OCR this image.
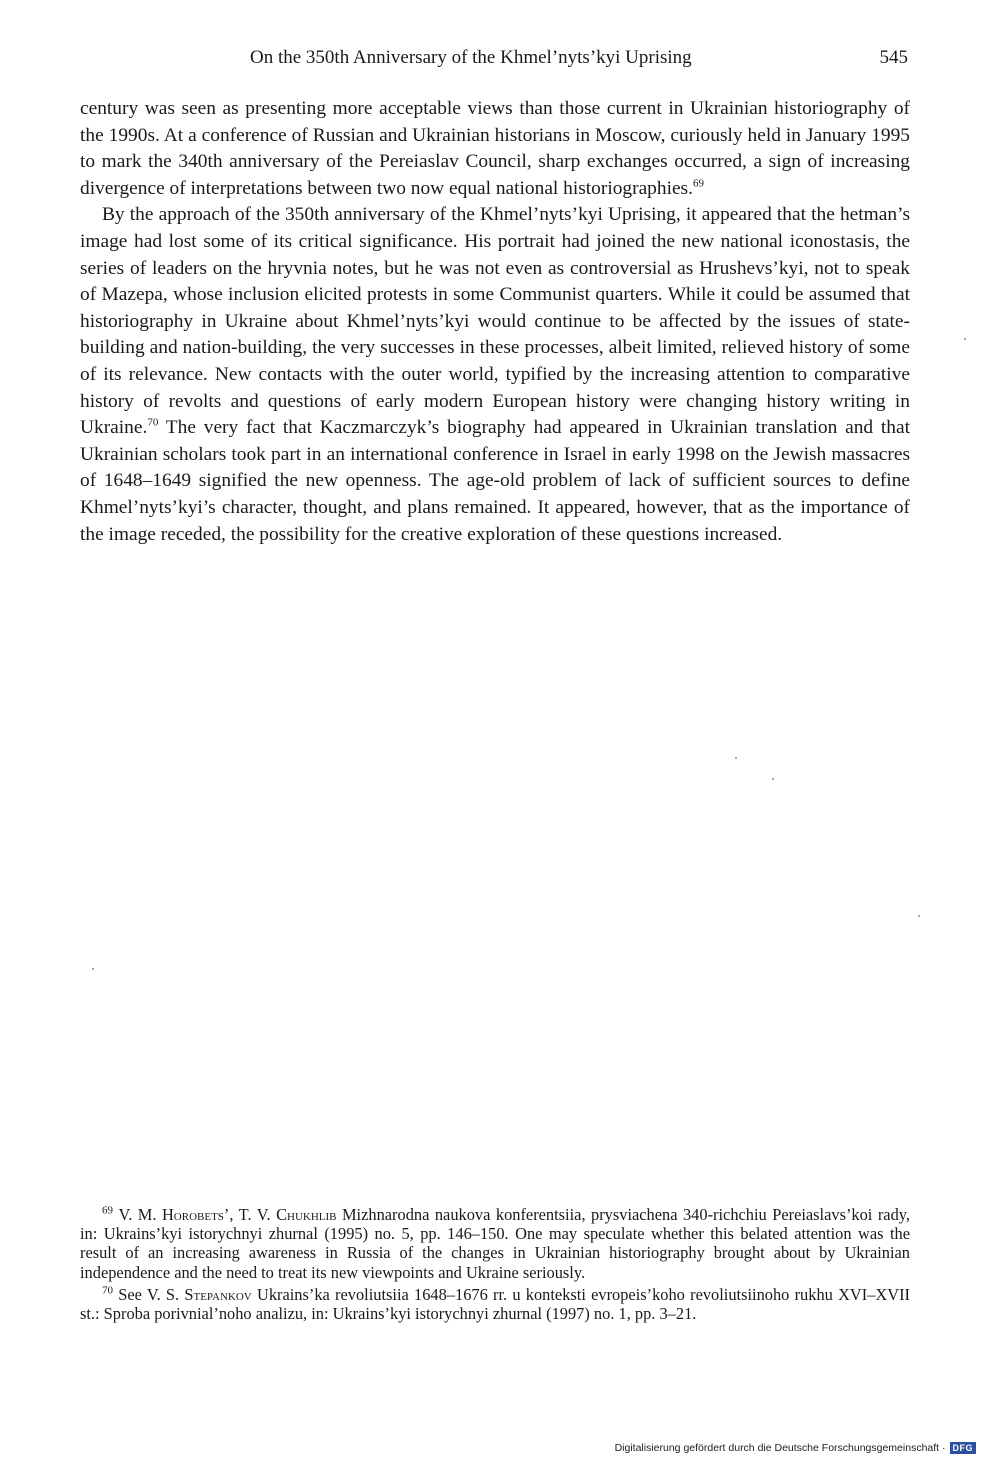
On the 350th Anniversary of the Khmel’nyts’kyi Uprising	545

century was seen as presenting more acceptable views than those current in Ukrainian historiography of the 1990s. At a conference of Russian and Ukrainian historians in Moscow, curiously held in January 1995 to mark the 340th anniversary of the Pereiaslav Council, sharp exchanges occurred, a sign of increasing divergence of interpretations between two now equal national historiographies.$^{69}$

By the approach of the 350th anniversary of the Khmel’nyts’kyi Uprising, it appeared that the hetman’s image had lost some of its critical significance. His portrait had joined the new national iconostasis, the series of leaders on the hryvnia notes, but he was not even as controversial as Hrushevs’kyi, not to speak of Mazepa, whose inclusion elicited protests in some Communist quarters. While it could be assumed that historiography in Ukraine about Khmel’nyts’kyi would continue to be affected by the issues of state-building and nation-building, the very successes in these processes, albeit limited, relieved history of some of its relevance. New contacts with the outer world, typified by the increasing attention to comparative history of revolts and questions of early modern European history were changing history writing in Ukraine.$^{70}$ The very fact that Kaczmarczyk’s biography had appeared in Ukrainian translation and that Ukrainian scholars took part in an international conference in Israel in early 1998 on the Jewish massacres of 1648–1649 signified the new openness. The age-old problem of lack of sufficient sources to define Khmel’nyts’kyi’s character, thought, and plans remained. It appeared, however, that as the importance of the image receded, the possibility for the creative exploration of these questions increased.

$^{69}$ V. M. Horobets’, T. V. Chukhlib Mizhnarodna naukova konferentsiia, prysviachena 340-richchiu Pereiaslavs’koi rady, in: Ukrains’kyi istorychnyi zhurnal (1995) no. 5, pp. 146–150. One may speculate whether this belated attention was the result of an increasing awareness in Russia of the changes in Ukrainian historiography brought about by Ukrainian independence and the need to treat its new viewpoints and Ukraine seriously.

$^{70}$ See V. S. Stepankov Ukrains’ka revoliutsiia 1648–1676 rr. u konteksti evropeis’koho revoliutsiinoho rukhu XVI–XVII st.: Sproba porivnial’noho analizu, in: Ukrains’kyi istorychnyi zhurnal (1997) no. 1, pp. 3–21.

Digitalisierung gefördert durch die Deutsche Forschungsgemeinschaft · DFG
